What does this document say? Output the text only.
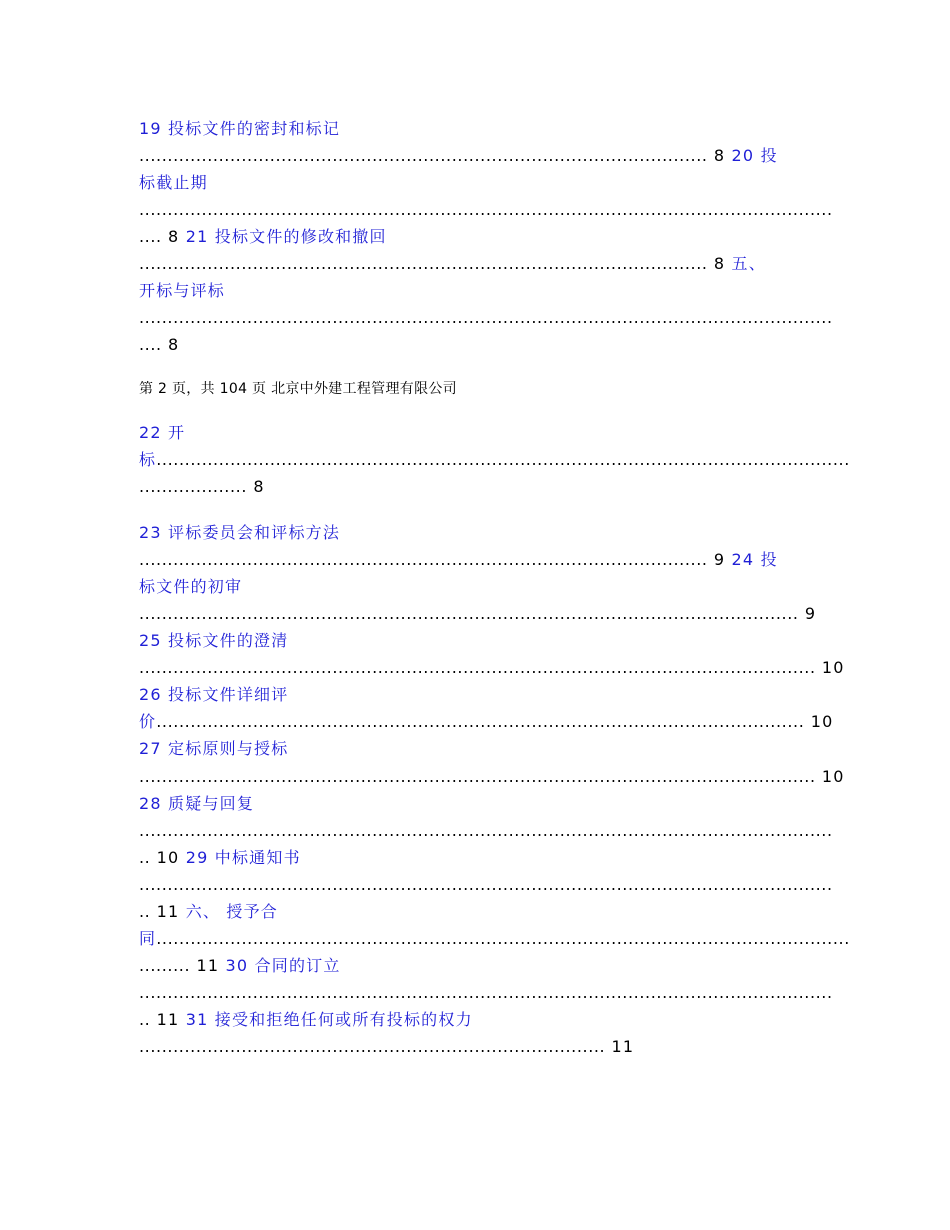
19 投标文件的密封和标记
.................................................................................................... 8 20 投
标截止期
..........................................................................................................................
.... 8 21 投标文件的修改和撤回
.................................................................................................... 8 五、
开标与评标
..........................................................................................................................
.... 8
第 2 页，共 104 页 北京中外建工程管理有限公司
22 开
标..........................................................................................................................
................... 8
23 评标委员会和评标方法
.................................................................................................... 9 24 投
标文件的初审
.................................................................................................................... 9
25 投标文件的澄清
....................................................................................................................... 10
26 投标文件详细评
价.................................................................................................................. 10
27 定标原则与授标
....................................................................................................................... 10
28 质疑与回复
..........................................................................................................................
.. 10 29 中标通知书
..........................................................................................................................
.. 11 六、 授予合
同..........................................................................................................................
......... 11 30 合同的订立
..........................................................................................................................
.. 11 31 接受和拒绝任何或所有投标的权力
.................................................................................. 11
